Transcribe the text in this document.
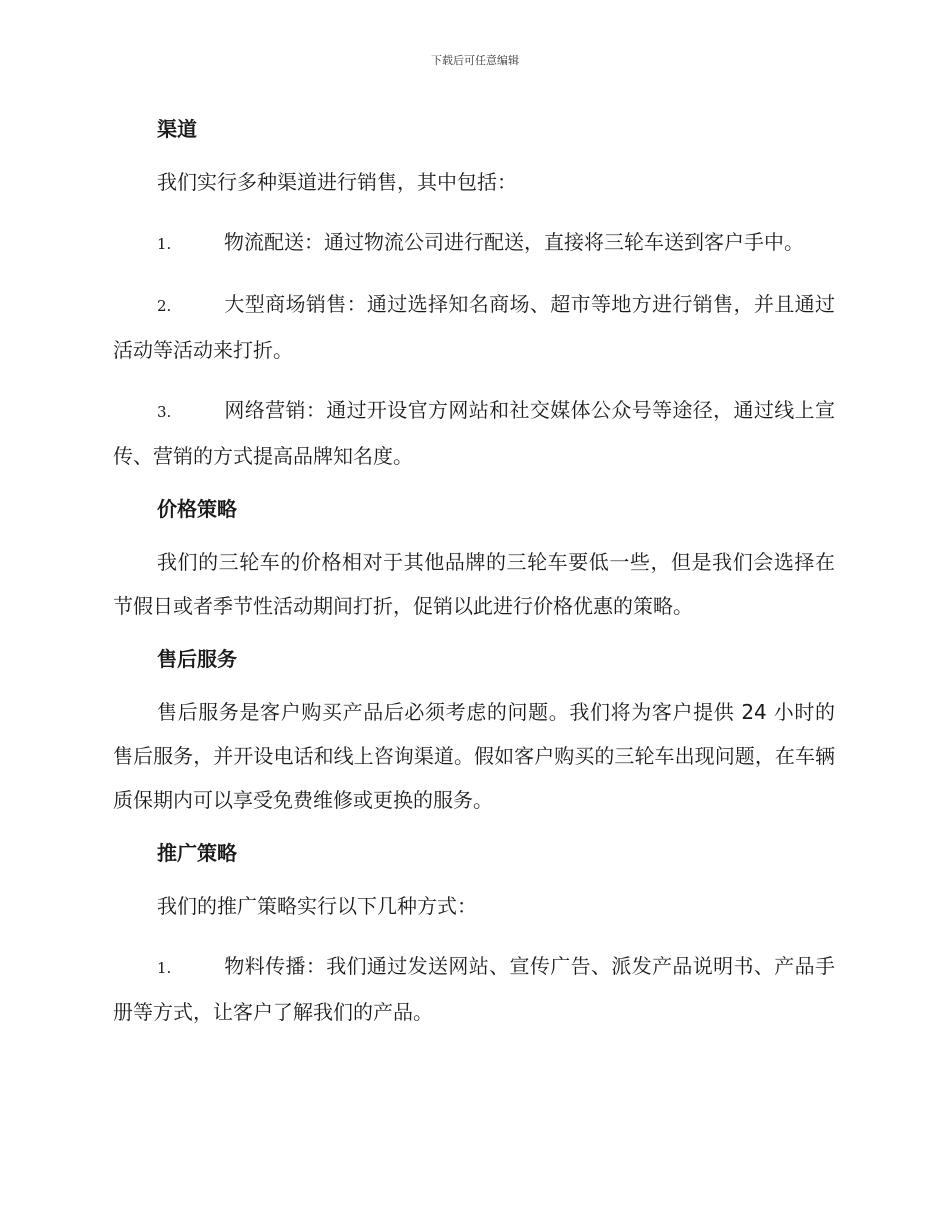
下载后可任意编辑
渠道

我们实行多种渠道进行销售，其中包括：

1.	物流配送：通过物流公司进行配送，直接将三轮车送到客户手中。

2.	大型商场销售：通过选择知名商场、超市等地方进行销售，并且通过活动等活动来打折。

3.	网络营销：通过开设官方网站和社交媒体公众号等途径，通过线上宣传、营销的方式提高品牌知名度。

价格策略

我们的三轮车的价格相对于其他品牌的三轮车要低一些，但是我们会选择在节假日或者季节性活动期间打折，促销以此进行价格优惠的策略。

售后服务

售后服务是客户购买产品后必须考虑的问题。我们将为客户提供 24 小时的售后服务，并开设电话和线上咨询渠道。假如客户购买的三轮车出现问题，在车辆质保期内可以享受免费维修或更换的服务。

推广策略

我们的推广策略实行以下几种方式：

1.	物料传播：我们通过发送网站、宣传广告、派发产品说明书、产品手册等方式，让客户了解我们的产品。
